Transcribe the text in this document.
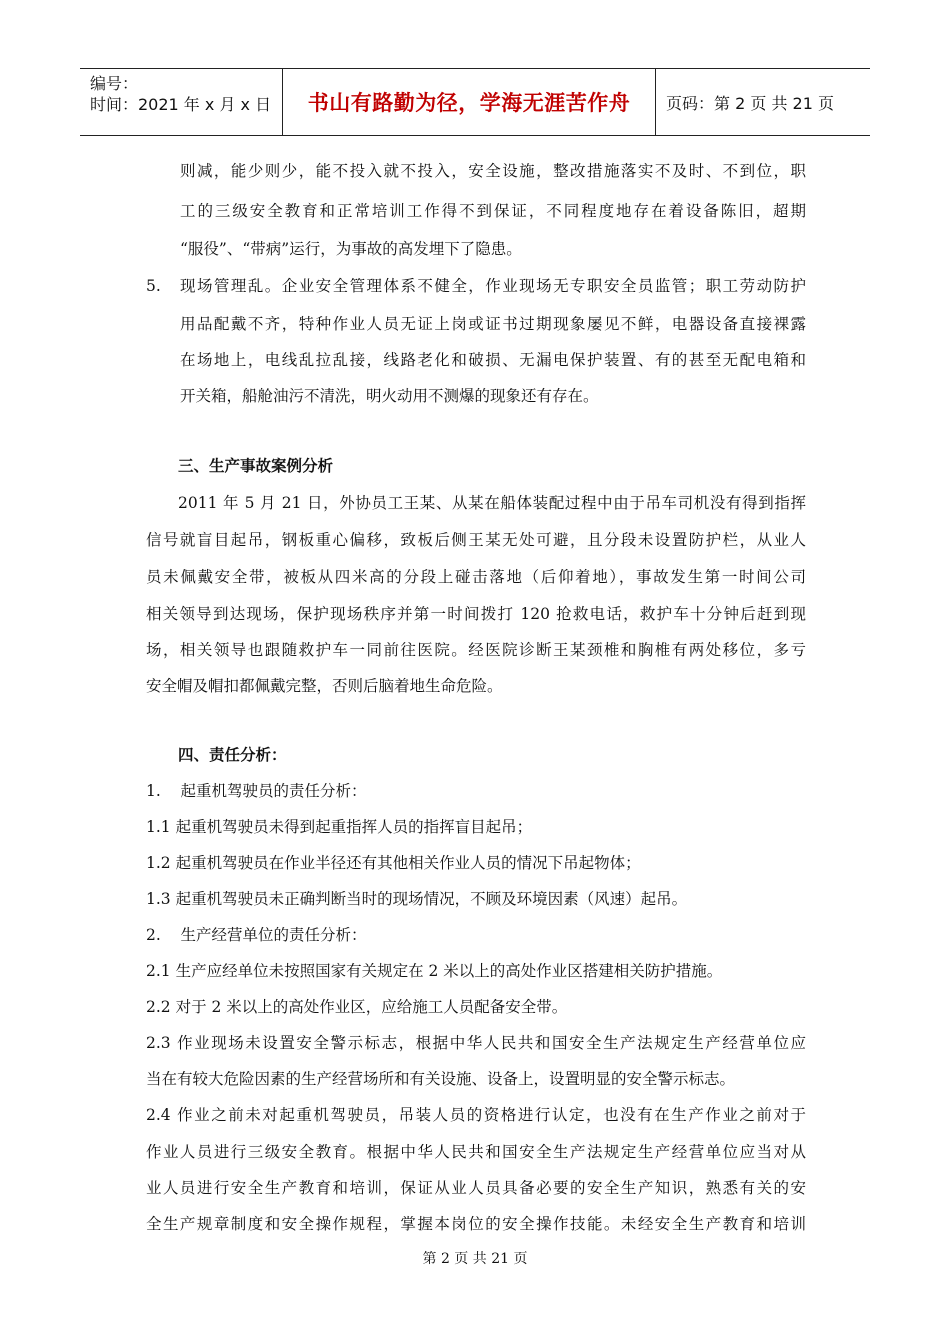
编号：
时间：2021 年 x 月 x 日	书山有路勤为径，学海无涯苦作舟	页码：第 2 页 共 21 页
则减，能少则少，能不投入就不投入，安全设施，整改措施落实不及时、不到位，职
工的三级安全教育和正常培训工作得不到保证，不同程度地存在着设备陈旧，超期
“服役”、“带病”运行，为事故的高发埋下了隐患。
5. 现场管理乱。企业安全管理体系不健全，作业现场无专职安全员监管；职工劳动防护
用品配戴不齐，特种作业人员无证上岗或证书过期现象屡见不鲜，电器设备直接裸露
在场地上，电线乱拉乱接，线路老化和破损、无漏电保护装置、有的甚至无配电箱和
开关箱，船舱油污不清洗，明火动用不测爆的现象还有存在。
三、生产事故案例分析
2011 年 5 月 21 日，外协员工王某、从某在船体装配过程中由于吊车司机没有得到指挥
信号就盲目起吊，钢板重心偏移，致板后侧王某无处可避，且分段未设置防护栏，从业人
员未佩戴安全带，被板从四米高的分段上碰击落地（后仰着地），事故发生第一时间公司
相关领导到达现场，保护现场秩序并第一时间拨打 120 抢救电话，救护车十分钟后赶到现
场，相关领导也跟随救护车一同前往医院。经医院诊断王某颈椎和胸椎有两处移位，多亏
安全帽及帽扣都佩戴完整，否则后脑着地生命危险。
四、责任分析：
1.    起重机驾驶员的责任分析：
1.1 起重机驾驶员未得到起重指挥人员的指挥盲目起吊；
1.2 起重机驾驶员在作业半径还有其他相关作业人员的情况下吊起物体；
1.3 起重机驾驶员未正确判断当时的现场情况，不顾及环境因素（风速）起吊。
2.    生产经营单位的责任分析：
2.1 生产应经单位未按照国家有关规定在 2 米以上的高处作业区搭建相关防护措施。
2.2 对于 2 米以上的高处作业区，应给施工人员配备安全带。
2.3 作业现场未设置安全警示标志，根据中华人民共和国安全生产法规定生产经营单位应
当在有较大危险因素的生产经营场所和有关设施、设备上，设置明显的安全警示标志。
2.4 作业之前未对起重机驾驶员，吊装人员的资格进行认定，也没有在生产作业之前对于
作业人员进行三级安全教育。根据中华人民共和国安全生产法规定生产经营单位应当对从
业人员进行安全生产教育和培训，保证从业人员具备必要的安全生产知识，熟悉有关的安
全生产规章制度和安全操作规程，掌握本岗位的安全操作技能。未经安全生产教育和培训
第 2 页 共 21 页
